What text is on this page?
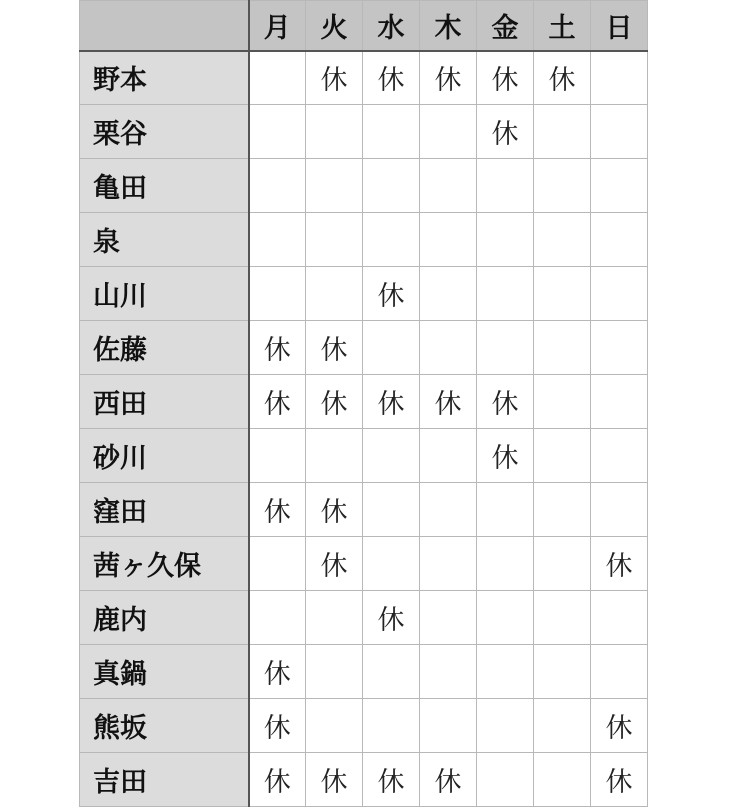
	月	火	水	木	金	土	日
野本		休	休	休	休	休	
栗谷					休		
亀田							
泉							
山川			休				
佐藤	休	休					
西田	休	休	休	休	休		
砂川					休		
窪田	休	休					
茜ヶ久保		休					休
鹿内			休				
真鍋	休						
熊坂	休						休
吉田	休	休	休	休			休
